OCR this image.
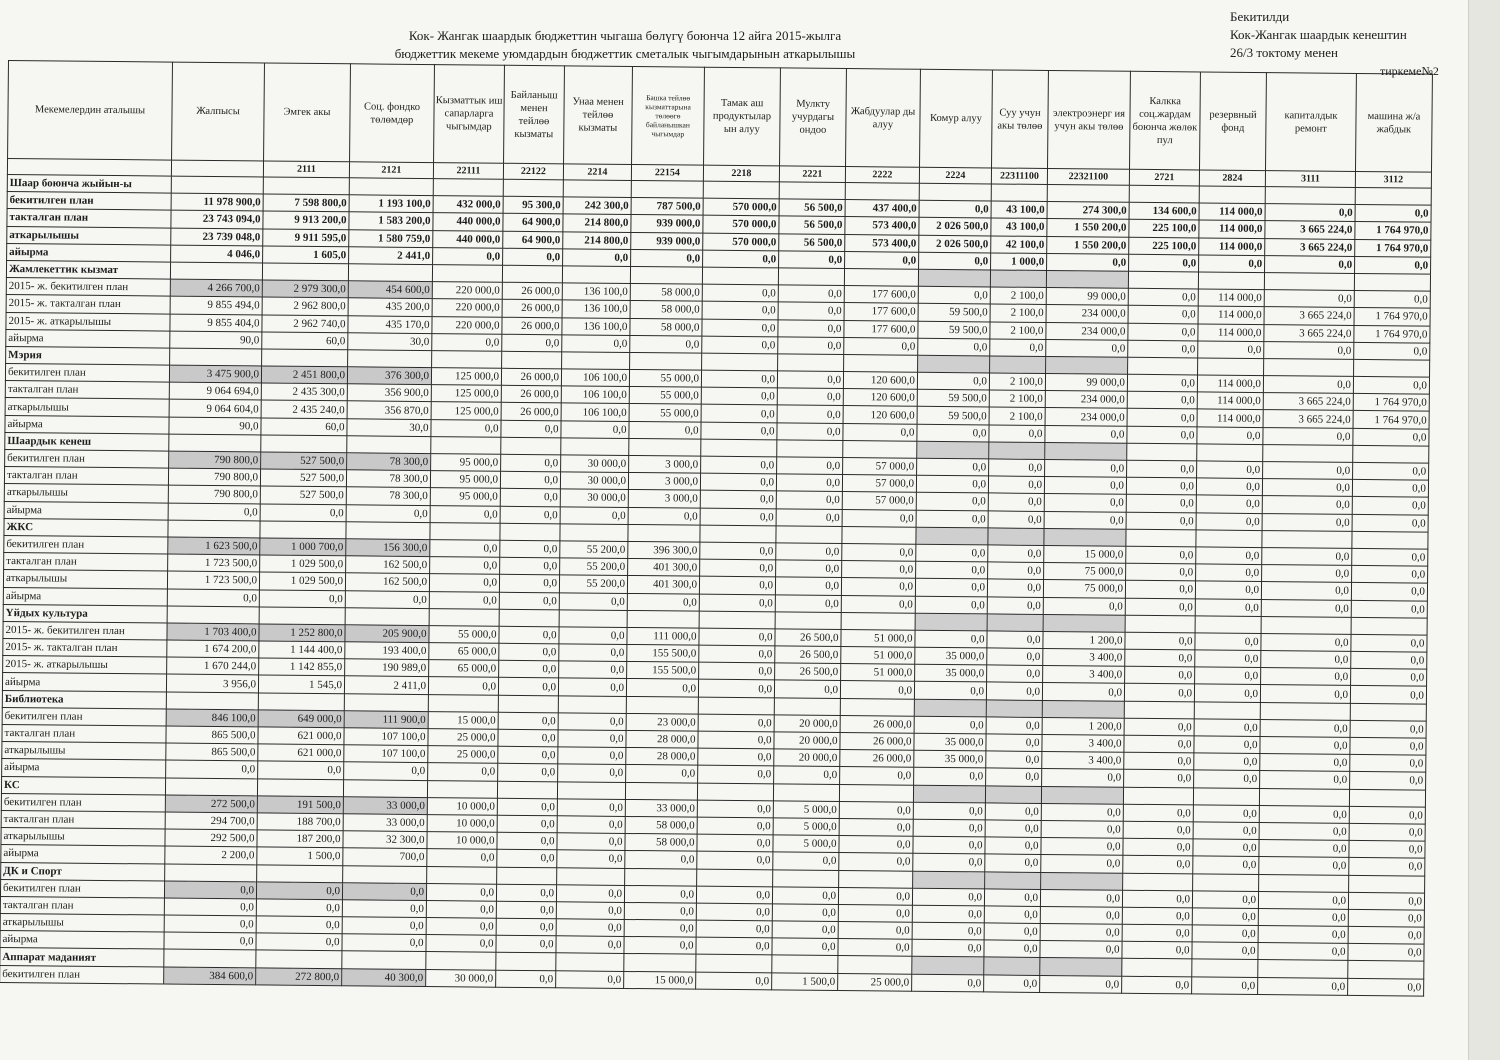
Кок- Жангак шаардык бюджеттин чыгаша бөлүгү боюнча 12 айга 2015-жылга
бюджеттик мекеме уюмдардын бюджеттик сметалык чыгымдарынын аткарылышы
Бекитилди
Кок-Жангак шаардык кенештин
26/3 токтому менен
тиркеме№2
Мекемелердин аталышы	Жалпысы	Эмгек акы	Соц. фондко төлөмдөр	Кызматтык иш сапарларга чыгымдар	Байланыш менен тейлөө кызматы	Унаа менен тейлөө кызматы	Башка тейлөө кызматтарына төлөөгө байланышкан чыгымдар	Тамак аш продуктылар ын алуу	Мулкту учурдагы ондоо	Жабдуулар ды алуу	Комур алуу	Суу учун акы төлөө	электроэнерг ия учун акы төлөө	Калкка соц.жардам боюнча жөлөк пул	резервный фонд	капиталдык ремонт	машина ж/а жабдык
		2111	2121	22111	22122	2214	22154	2218	2221	2222	2224	22311100	22321100	2721	2824	3111	3112
Шаар боюнча жыйын-ы																	
бекитилген план	11 978 900,0	7 598 800,0	1 193 100,0	432 000,0	95 300,0	242 300,0	787 500,0	570 000,0	56 500,0	437 400,0	0,0	43 100,0	274 300,0	134 600,0	114 000,0	0,0	0,0
такталган план	23 743 094,0	9 913 200,0	1 583 200,0	440 000,0	64 900,0	214 800,0	939 000,0	570 000,0	56 500,0	573 400,0	2 026 500,0	43 100,0	1 550 200,0	225 100,0	114 000,0	3 665 224,0	1 764 970,0
аткарылышы	23 739 048,0	9 911 595,0	1 580 759,0	440 000,0	64 900,0	214 800,0	939 000,0	570 000,0	56 500,0	573 400,0	2 026 500,0	42 100,0	1 550 200,0	225 100,0	114 000,0	3 665 224,0	1 764 970,0
айырма	4 046,0	1 605,0	2 441,0	0,0	0,0	0,0	0,0	0,0	0,0	0,0	0,0	1 000,0	0,0	0,0	0,0	0,0	0,0
Жамлекеттик кызмат																	
2015- ж. бекитилген план	4 266 700,0	2 979 300,0	454 600,0	220 000,0	26 000,0	136 100,0	58 000,0	0,0	0,0	177 600,0	0,0	2 100,0	99 000,0	0,0	114 000,0	0,0	0,0
2015- ж. такталган план	9 855 494,0	2 962 800,0	435 200,0	220 000,0	26 000,0	136 100,0	58 000,0	0,0	0,0	177 600,0	59 500,0	2 100,0	234 000,0	0,0	114 000,0	3 665 224,0	1 764 970,0
2015- ж. аткарылышы	9 855 404,0	2 962 740,0	435 170,0	220 000,0	26 000,0	136 100,0	58 000,0	0,0	0,0	177 600,0	59 500,0	2 100,0	234 000,0	0,0	114 000,0	3 665 224,0	1 764 970,0
айырма	90,0	60,0	30,0	0,0	0,0	0,0	0,0	0,0	0,0	0,0	0,0	0,0	0,0	0,0	0,0	0,0	0,0
Мэрия																	
бекитилген план	3 475 900,0	2 451 800,0	376 300,0	125 000,0	26 000,0	106 100,0	55 000,0	0,0	0,0	120 600,0	0,0	2 100,0	99 000,0	0,0	114 000,0	0,0	0,0
такталган план	9 064 694,0	2 435 300,0	356 900,0	125 000,0	26 000,0	106 100,0	55 000,0	0,0	0,0	120 600,0	59 500,0	2 100,0	234 000,0	0,0	114 000,0	3 665 224,0	1 764 970,0
аткарылышы	9 064 604,0	2 435 240,0	356 870,0	125 000,0	26 000,0	106 100,0	55 000,0	0,0	0,0	120 600,0	59 500,0	2 100,0	234 000,0	0,0	114 000,0	3 665 224,0	1 764 970,0
айырма	90,0	60,0	30,0	0,0	0,0	0,0	0,0	0,0	0,0	0,0	0,0	0,0	0,0	0,0	0,0	0,0	0,0
Шаардык кенеш																	
бекитилген план	790 800,0	527 500,0	78 300,0	95 000,0	0,0	30 000,0	3 000,0	0,0	0,0	57 000,0	0,0	0,0	0,0	0,0	0,0	0,0	0,0
такталган план	790 800,0	527 500,0	78 300,0	95 000,0	0,0	30 000,0	3 000,0	0,0	0,0	57 000,0	0,0	0,0	0,0	0,0	0,0	0,0	0,0
аткарылышы	790 800,0	527 500,0	78 300,0	95 000,0	0,0	30 000,0	3 000,0	0,0	0,0	57 000,0	0,0	0,0	0,0	0,0	0,0	0,0	0,0
айырма	0,0	0,0	0,0	0,0	0,0	0,0	0,0	0,0	0,0	0,0	0,0	0,0	0,0	0,0	0,0	0,0	0,0
ЖКС																	
бекитилген план	1 623 500,0	1 000 700,0	156 300,0	0,0	0,0	55 200,0	396 300,0	0,0	0,0	0,0	0,0	0,0	15 000,0	0,0	0,0	0,0	0,0
такталган план	1 723 500,0	1 029 500,0	162 500,0	0,0	0,0	55 200,0	401 300,0	0,0	0,0	0,0	0,0	0,0	75 000,0	0,0	0,0	0,0	0,0
аткарылышы	1 723 500,0	1 029 500,0	162 500,0	0,0	0,0	55 200,0	401 300,0	0,0	0,0	0,0	0,0	0,0	75 000,0	0,0	0,0	0,0	0,0
айырма	0,0	0,0	0,0	0,0	0,0	0,0	0,0	0,0	0,0	0,0	0,0	0,0	0,0	0,0	0,0	0,0	0,0
Үйдых культура																	
2015- ж. бекитилген план	1 703 400,0	1 252 800,0	205 900,0	55 000,0	0,0	0,0	111 000,0	0,0	26 500,0	51 000,0	0,0	0,0	1 200,0	0,0	0,0	0,0	0,0
2015- ж. такталган план	1 674 200,0	1 144 400,0	193 400,0	65 000,0	0,0	0,0	155 500,0	0,0	26 500,0	51 000,0	35 000,0	0,0	3 400,0	0,0	0,0	0,0	0,0
2015- ж. аткарылышы	1 670 244,0	1 142 855,0	190 989,0	65 000,0	0,0	0,0	155 500,0	0,0	26 500,0	51 000,0	35 000,0	0,0	3 400,0	0,0	0,0	0,0	0,0
айырма	3 956,0	1 545,0	2 411,0	0,0	0,0	0,0	0,0	0,0	0,0	0,0	0,0	0,0	0,0	0,0	0,0	0,0	0,0
Библиотека																	
бекитилген план	846 100,0	649 000,0	111 900,0	15 000,0	0,0	0,0	23 000,0	0,0	20 000,0	26 000,0	0,0	0,0	1 200,0	0,0	0,0	0,0	0,0
такталган план	865 500,0	621 000,0	107 100,0	25 000,0	0,0	0,0	28 000,0	0,0	20 000,0	26 000,0	35 000,0	0,0	3 400,0	0,0	0,0	0,0	0,0
аткарылышы	865 500,0	621 000,0	107 100,0	25 000,0	0,0	0,0	28 000,0	0,0	20 000,0	26 000,0	35 000,0	0,0	3 400,0	0,0	0,0	0,0	0,0
айырма	0,0	0,0	0,0	0,0	0,0	0,0	0,0	0,0	0,0	0,0	0,0	0,0	0,0	0,0	0,0	0,0	0,0
КС																	
бекитилген план	272 500,0	191 500,0	33 000,0	10 000,0	0,0	0,0	33 000,0	0,0	5 000,0	0,0	0,0	0,0	0,0	0,0	0,0	0,0	0,0
такталган план	294 700,0	188 700,0	33 000,0	10 000,0	0,0	0,0	58 000,0	0,0	5 000,0	0,0	0,0	0,0	0,0	0,0	0,0	0,0	0,0
аткарылышы	292 500,0	187 200,0	32 300,0	10 000,0	0,0	0,0	58 000,0	0,0	5 000,0	0,0	0,0	0,0	0,0	0,0	0,0	0,0	0,0
айырма	2 200,0	1 500,0	700,0	0,0	0,0	0,0	0,0	0,0	0,0	0,0	0,0	0,0	0,0	0,0	0,0	0,0	0,0
ДК и Спорт																	
бекитилген план	0,0	0,0	0,0	0,0	0,0	0,0	0,0	0,0	0,0	0,0	0,0	0,0	0,0	0,0	0,0	0,0	0,0
такталган план	0,0	0,0	0,0	0,0	0,0	0,0	0,0	0,0	0,0	0,0	0,0	0,0	0,0	0,0	0,0	0,0	0,0
аткарылышы	0,0	0,0	0,0	0,0	0,0	0,0	0,0	0,0	0,0	0,0	0,0	0,0	0,0	0,0	0,0	0,0	0,0
айырма	0,0	0,0	0,0	0,0	0,0	0,0	0,0	0,0	0,0	0,0	0,0	0,0	0,0	0,0	0,0	0,0	0,0
Аппарат маданият																	
бекитилген план	384 600,0	272 800,0	40 300,0	30 000,0	0,0	0,0	15 000,0	0,0	1 500,0	25 000,0	0,0	0,0	0,0	0,0	0,0	0,0	0,0
